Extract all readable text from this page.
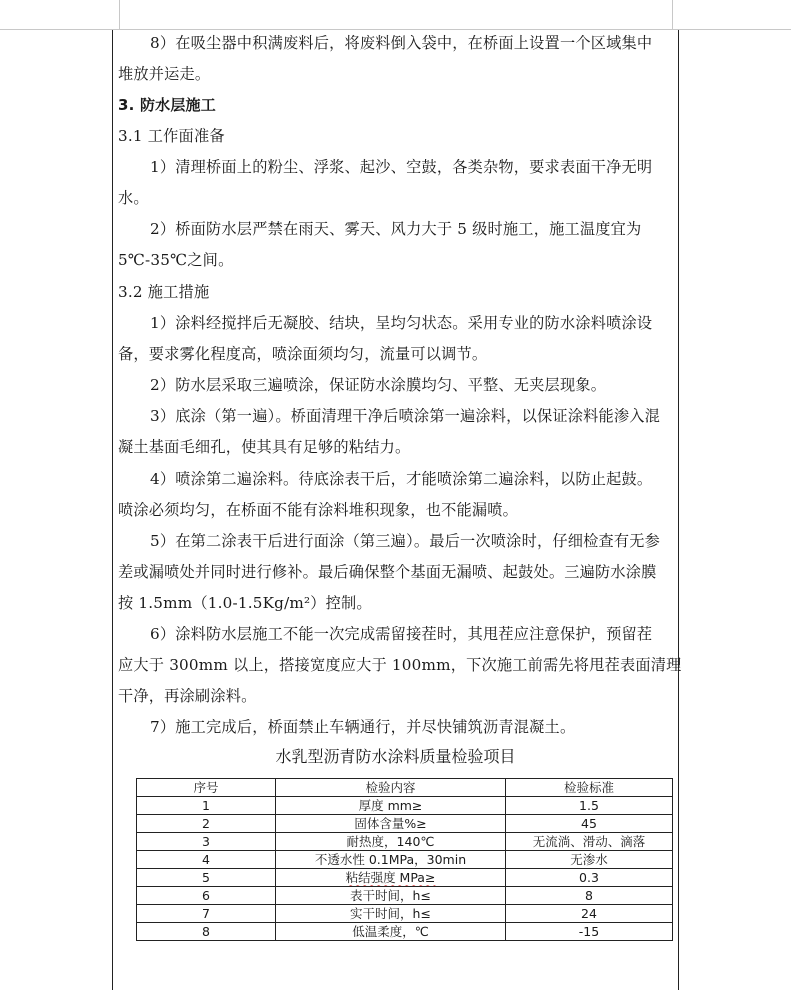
8）在吸尘器中积满废料后，将废料倒入袋中，在桥面上设置一个区域集中
堆放并运走。
3. 防水层施工
3.1 工作面准备
1）清理桥面上的粉尘、浮浆、起沙、空鼓，各类杂物，要求表面干净无明
水。
2）桥面防水层严禁在雨天、雾天、风力大于 5 级时施工，施工温度宜为
5℃-35℃之间。
3.2 施工措施
1）涂料经搅拌后无凝胶、结块，呈均匀状态。采用专业的防水涂料喷涂设
备，要求雾化程度高，喷涂面须均匀，流量可以调节。
2）防水层采取三遍喷涂，保证防水涂膜均匀、平整、无夹层现象。
3）底涂（第一遍）。桥面清理干净后喷涂第一遍涂料，以保证涂料能渗入混
凝土基面毛细孔，使其具有足够的粘结力。
4）喷涂第二遍涂料。待底涂表干后，才能喷涂第二遍涂料，以防止起鼓。
喷涂必须均匀，在桥面不能有涂料堆积现象，也不能漏喷。
5）在第二涂表干后进行面涂（第三遍）。最后一次喷涂时，仔细检查有无参
差或漏喷处并同时进行修补。最后确保整个基面无漏喷、起鼓处。三遍防水涂膜
按 1.5mm（1.0-1.5Kg/m²）控制。
6）涂料防水层施工不能一次完成需留接茬时，其甩茬应注意保护，预留茬
应大于 300mm 以上，搭接宽度应大于 100mm，下次施工前需先将甩茬表面清理
干净，再涂刷涂料。
7）施工完成后，桥面禁止车辆通行，并尽快铺筑沥青混凝土。
水乳型沥青防水涂料质量检验项目
序号	检验内容	检验标准
1	厚度 mm≥	1.5
2	固体含量%≥	45
3	耐热度，140℃	无流淌、滑动、滴落
4	不透水性 0.1MPa，30min	无渗水
5	粘结强度 MPa≥	0.3
6	表干时间，h≤	8
7	实干时间，h≤	24
8	低温柔度，℃	-15
